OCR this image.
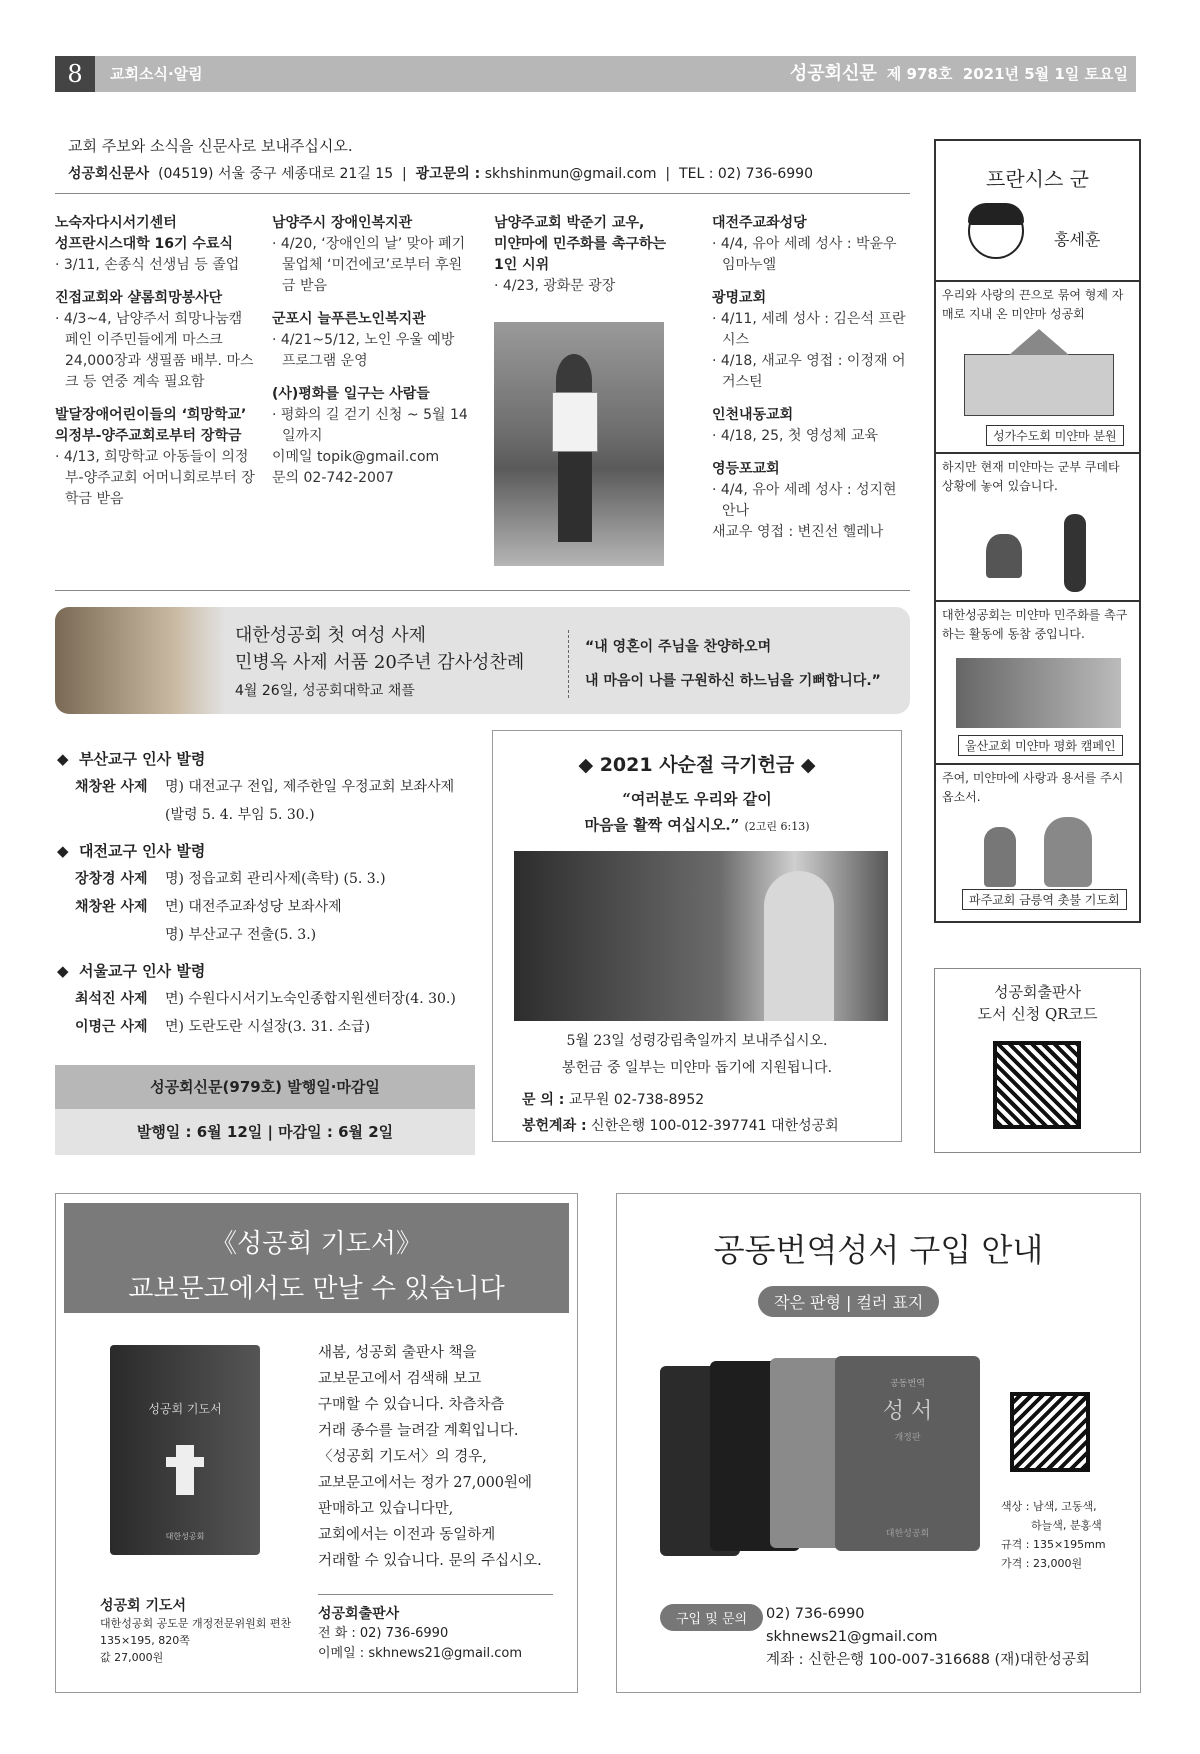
8	교회소식·알림	성공회신문 제 978호 2021년 5월 1일 토요일
교회 주보와 소식을 신문사로 보내주십시오.
성공회신문사 (04519) 서울 중구 세종대로 21길 15  |  광고문의 : skhshinmun@gmail.com  |  TEL : 02) 736-6990
노숙자다시서기센터
성프란시스대학 16기 수료식
· 3/11, 손종식 선생님 등 졸업
진접교회와 샬롬희망봉사단
· 4/3~4, 남양주서 희망나눔캠페인 이주민들에게 마스크 24,000장과 생필품 배부. 마스크 등 연중 계속 필요함
발달장애어린이들의 ‘희망학교’
의정부-양주교회로부터 장학금
· 4/13, 희망학교 아동들이 의정부-양주교회 어머니회로부터 장학금 받음
남양주시 장애인복지관
· 4/20, ‘장애인의 날’ 맞아 폐기물업체 ‘미건에코’로부터 후원금 받음
군포시 늘푸른노인복지관
· 4/21~5/12, 노인 우울 예방 프로그램 운영
(사)평화를 일구는 사람들
· 평화의 길 걷기 신청 ~ 5월 14일까지
이메일 topik@gmail.com
문의 02-742-2007
남양주교회 박준기 교우,
미얀마에 민주화를 촉구하는
1인 시위
· 4/23, 광화문 광장
대전주교좌성당
· 4/4, 유아 세례 성사 : 박윤우 임마누엘
광명교회
· 4/11, 세례 성사 : 김은석 프란시스
· 4/18, 새교우 영접 : 이정재 어거스틴
인천내동교회
· 4/18, 25, 첫 영성체 교육
영등포교회
· 4/4, 유아 세례 성사 : 성지현 안나
새교우 영접 : 변진선 헬레나
대한성공회 첫 여성 사제
민병옥 사제 서품 20주년 감사성찬례
4월 26일, 성공회대학교 채플
“내 영혼이 주님을 찬양하오며
내 마음이 나를 구원하신 하느님을 기뻐합니다.”
프란시스 군
홍세훈
우리와 사랑의 끈으로 묶여 형제 자매로 지내 온 미얀마 성공회
성가수도회 미얀마 분원
하지만 현재 미얀마는 군부 쿠데타 상황에 놓여 있습니다.
대한성공회는 미얀마 민주화를 촉구하는 활동에 동참 중입니다.
울산교회 미얀마 평화 캠페인
주여, 미얀마에 사랑과 용서를 주시옵소서.
파주교회 금릉역 촛불 기도회
◆  부산교구 인사 발령
채창완 사제 명) 대전교구 전입, 제주한일 우정교회 보좌사제
(발령 5. 4. 부임 5. 30.)
◆  대전교구 인사 발령
장창경 사제 명) 정읍교회 관리사제(촉탁) (5. 3.)
채창완 사제 면) 대전주교좌성당 보좌사제
명) 부산교구 전출(5. 3.)
◆  서울교구 인사 발령
최석진 사제 면) 수원다시서기노숙인종합지원센터장(4. 30.)
이명근 사제 면) 도란도란 시설장(3. 31. 소급)
성공회신문(979호) 발행일·마감일
발행일 : 6월 12일 | 마감일 : 6월 2일
◆ 2021 사순절 극기헌금 ◆
“여러분도 우리와 같이
마음을 활짝 여십시오.” (2고린 6:13)
5월 23일 성령강림축일까지 보내주십시오.
봉헌금 중 일부는 미얀마 돕기에 지원됩니다.
문 의 : 교무원 02-738-8952
봉헌계좌 : 신한은행 100-012-397741 대한성공회
성공회출판사
도서 신청 QR코드
《성공회 기도서》
교보문고에서도 만날 수 있습니다
성공회 기도서
대한성공회
새봄, 성공회 출판사 책을
교보문고에서 검색해 보고
구매할 수 있습니다. 차츰차츰
거래 종수를 늘려갈 계획입니다.
〈성공회 기도서〉의 경우,
교보문고에서는 정가 27,000원에
판매하고 있습니다만,
교회에서는 이전과 동일하게
거래할 수 있습니다. 문의 주십시오.
성공회 기도서
대한성공회 공도문 개정전문위원회 편찬
135×195, 820쪽
값 27,000원
성공회출판사
전 화 : 02) 736-6990
이메일 : skhnews21@gmail.com
공동번역성서 구입 안내
작은 판형 | 컬러 표지
공동번역
성 서
개정판
대한성공회
색상 : 남색, 고동색,
하늘색, 분홍색
규격 : 135×195mm
가격 : 23,000원
구입 및 문의	02) 736-6990
skhnews21@gmail.com
계좌 : 신한은행 100-007-316688 (재)대한성공회
